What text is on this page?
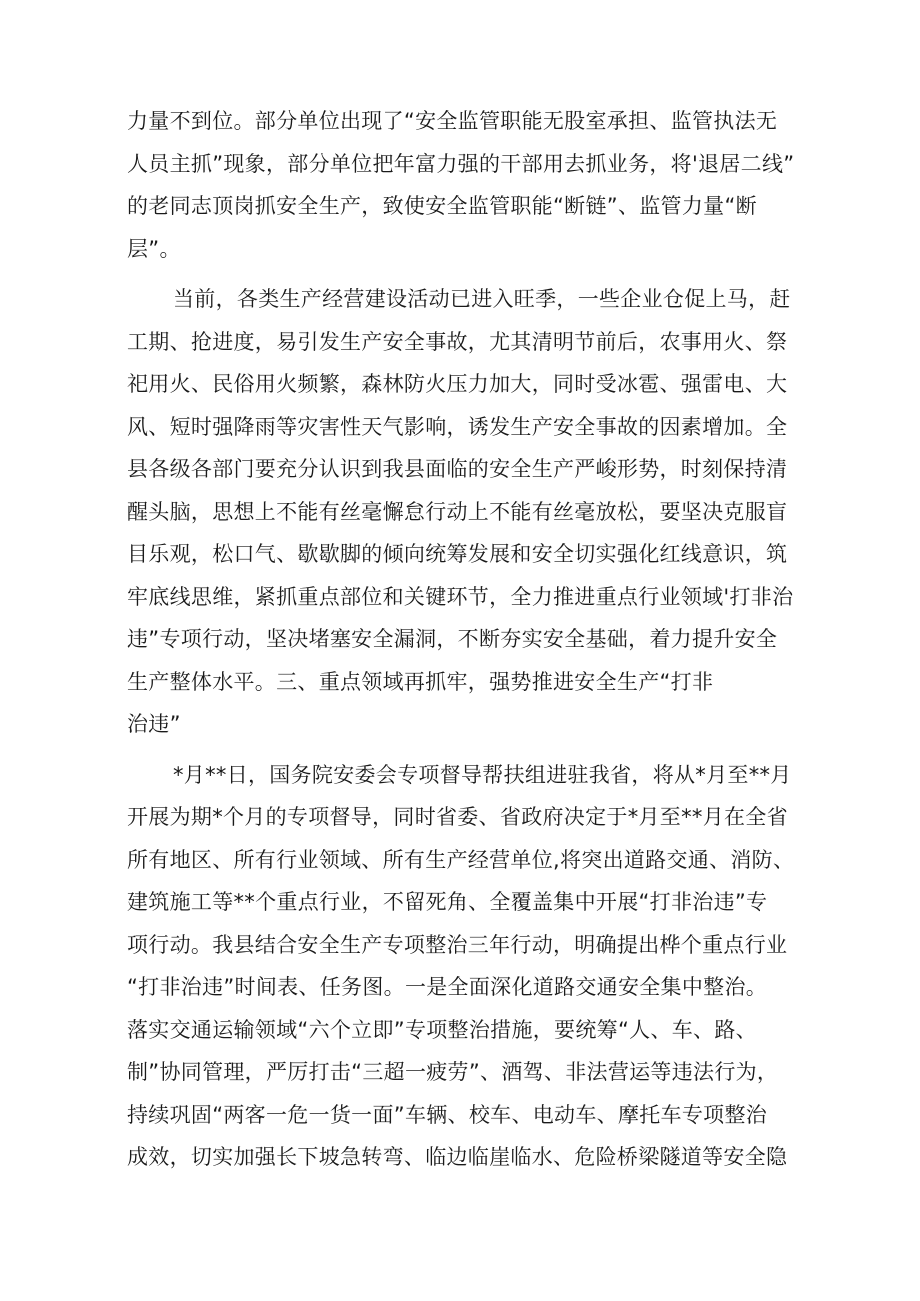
力量不到位。部分单位出现了“安全监管职能无股室承担、监管执法无
人员主抓”现象，部分单位把年富力强的干部用去抓业务，将'退居二线”
的老同志顶岗抓安全生产，致使安全监管职能“断链”、监管力量“断
层”。
当前，各类生产经营建设活动已进入旺季，一些企业仓促上马，赶
工期、抢进度，易引发生产安全事故，尤其清明节前后，农事用火、祭
祀用火、民俗用火频繁，森林防火压力加大，同时受冰雹、强雷电、大
风、短时强降雨等灾害性天气影响，诱发生产安全事故的因素增加。全
县各级各部门要充分认识到我县面临的安全生产严峻形势，时刻保持清
醒头脑，思想上不能有丝毫懈怠行动上不能有丝毫放松，要坚决克服盲
目乐观，松口气、歇歇脚的倾向统筹发展和安全切实强化红线意识，筑
牢底线思维，紧抓重点部位和关键环节，全力推进重点行业领域'打非治
违”专项行动，坚决堵塞安全漏洞，不断夯实安全基础，着力提升安全
生产整体水平。三、重点领域再抓牢，强势推进安全生产“打非
治违”
*月**日，国务院安委会专项督导帮扶组进驻我省，将从*月至**月
开展为期*个月的专项督导，同时省委、省政府决定于*月至**月在全省
所有地区、所有行业领域、所有生产经营单位,将突出道路交通、消防、
建筑施工等**个重点行业，不留死角、全覆盖集中开展“打非治违”专
项行动。我县结合安全生产专项整治三年行动，明确提出桦个重点行业
“打非治违”时间表、任务图。一是全面深化道路交通安全集中整治。
落实交通运输领域“六个立即”专项整治措施，要统筹“人、车、路、
制”协同管理，严厉打击“三超一疲劳”、酒驾、非法营运等违法行为，
持续巩固“两客一危一货一面”车辆、校车、电动车、摩托车专项整治
成效，切实加强长下坡急转弯、临边临崖临水、危险桥梁隧道等安全隐
